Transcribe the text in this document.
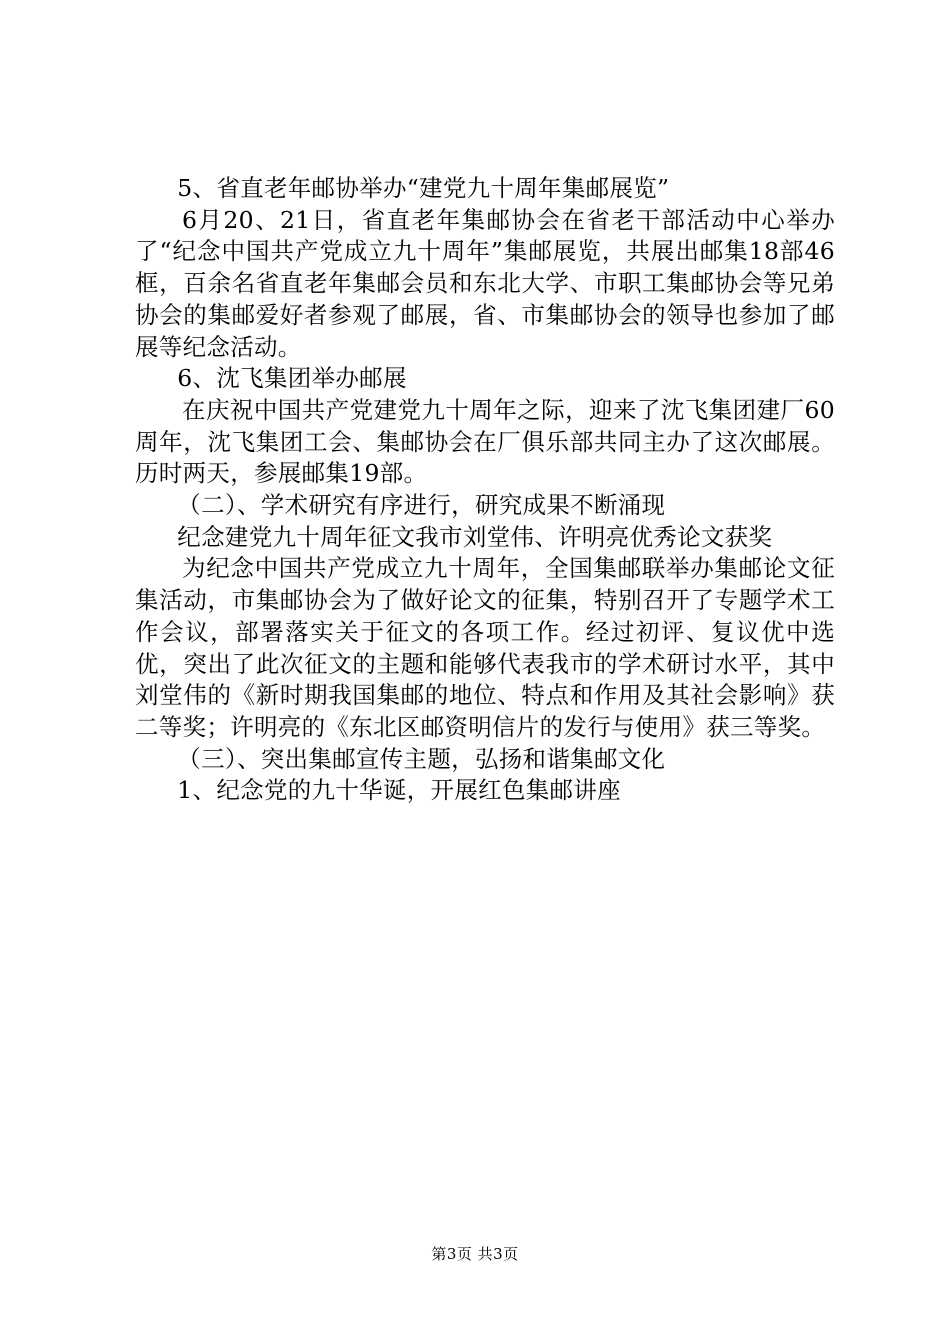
5、省直老年邮协举办“建党九十周年集邮展览”

6月20、21日，省直老年集邮协会在省老干部活动中心举办了“纪念中国共产党成立九十周年”集邮展览，共展出邮集18部46框，百余名省直老年集邮会员和东北大学、市职工集邮协会等兄弟协会的集邮爱好者参观了邮展，省、市集邮协会的领导也参加了邮展等纪念活动。

6、沈飞集团举办邮展

在庆祝中国共产党建党九十周年之际，迎来了沈飞集团建厂60周年，沈飞集团工会、集邮协会在厂俱乐部共同主办了这次邮展。历时两天，参展邮集19部。

（二）、学术研究有序进行，研究成果不断涌现

纪念建党九十周年征文我市刘堂伟、许明亮优秀论文获奖

为纪念中国共产党成立九十周年，全国集邮联举办集邮论文征集活动，市集邮协会为了做好论文的征集，特别召开了专题学术工作会议，部署落实关于征文的各项工作。经过初评、复议优中选优，突出了此次征文的主题和能够代表我市的学术研讨水平，其中刘堂伟的《新时期我国集邮的地位、特点和作用及其社会影响》获二等奖；许明亮的《东北区邮资明信片的发行与使用》获三等奖。

（三）、突出集邮宣传主题，弘扬和谐集邮文化

1、纪念党的九十华诞，开展红色集邮讲座

第3页 共3页
